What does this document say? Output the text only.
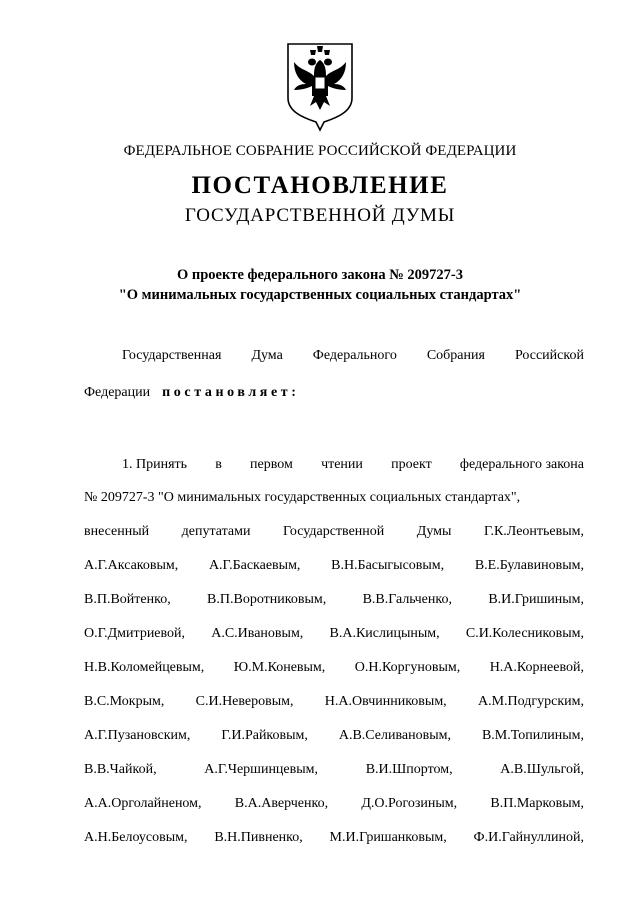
ФЕДЕРАЛЬНОЕ СОБРАНИЕ РОССИЙСКОЙ ФЕДЕРАЦИИ
ПОСТАНОВЛЕНИЕ
ГОСУДАРСТВЕННОЙ ДУМЫ
О проекте федерального закона № 209727-3
"О минимальных государственных социальных стандартах"
Государственная Дума Федерального Собрания Российской
Федерации постановляет:
1. Принять в первом чтении проект федерального закона
№ 209727-3 "О минимальных государственных социальных стандартах",
внесенный депутатами Государственной Думы Г.К.Леонтьевым,
А.Г.Аксаковым, А.Г.Баскаевым, В.Н.Басыгысовым, В.Е.Булавиновым,
В.П.Войтенко,	В.П.Воротниковым,	В.В.Гальченко,	В.И.Гришиным,
О.Г.Дмитриевой, А.С.Ивановым, В.А.Кислицыным, С.И.Колесниковым,
Н.В.Коломейцевым, Ю.М.Коневым, О.Н.Коргуновым, Н.А.Корнеевой,
В.С.Мокрым, С.И.Неверовым, Н.А.Овчинниковым, А.М.Подгурским,
А.Г.Пузановским, Г.И.Райковым, А.В.Селивановым, В.М.Топилиным,
В.В.Чайкой,	А.Г.Чершинцевым,	В.И.Шпортом,	А.В.Шульгой,
А.А.Орголайненом, В.А.Аверченко, Д.О.Рогозиным, В.П.Марковым,
А.Н.Белоусовым, В.Н.Пивненко, М.И.Гришанковым, Ф.И.Гайнуллиной,
